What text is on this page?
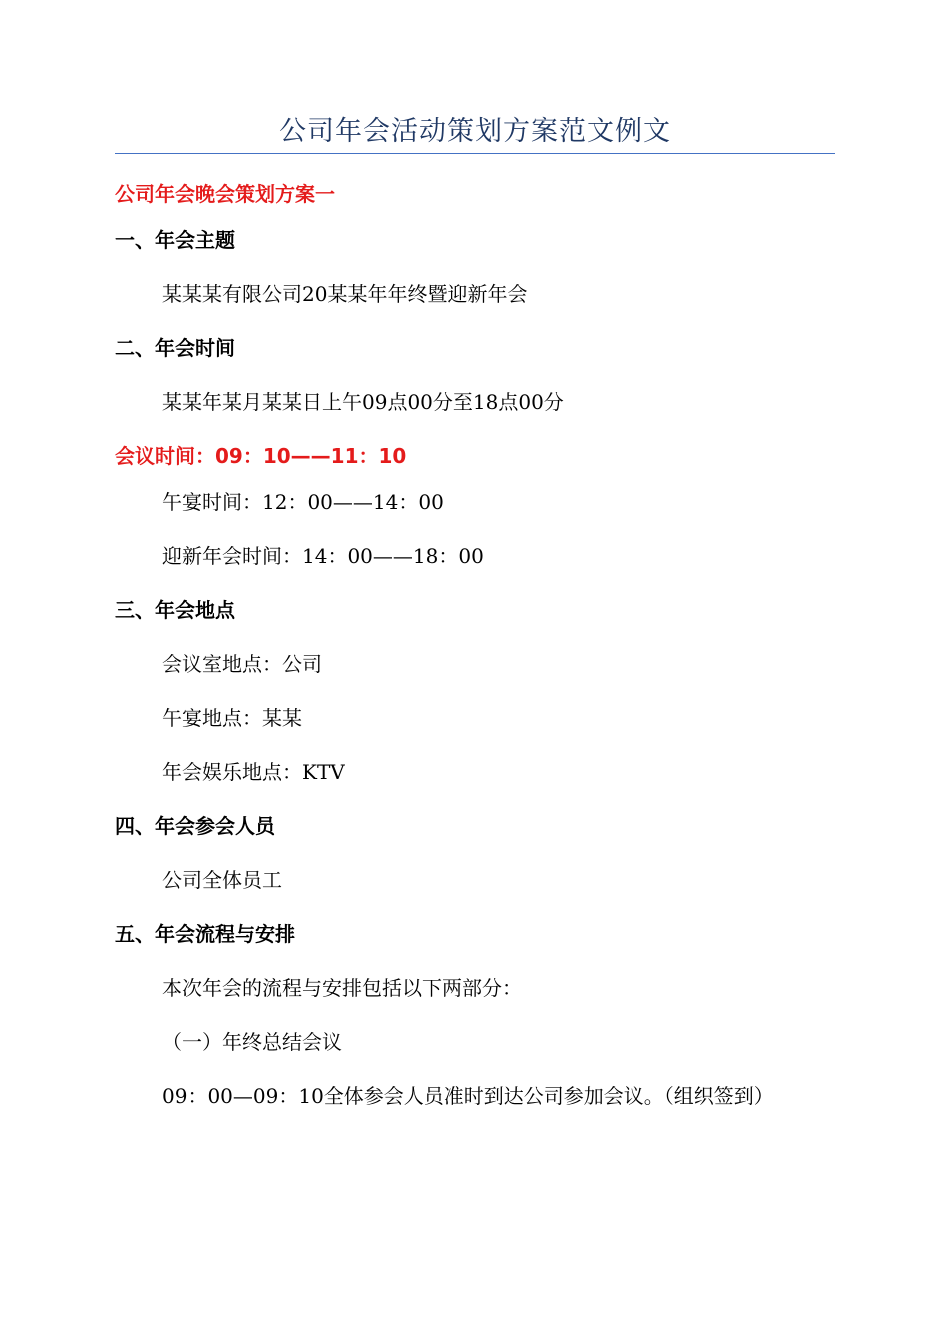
公司年会活动策划方案范文例文
公司年会晚会策划方案一
一、年会主题
某某某有限公司20某某年年终暨迎新年会
二、年会时间
某某年某月某某日上午09点00分至18点00分
会议时间：09：10——11：10
午宴时间：12：00——14：00
迎新年会时间：14：00——18：00
三、年会地点
会议室地点：公司
午宴地点：某某
年会娱乐地点：KTV
四、年会参会人员
公司全体员工
五、年会流程与安排
本次年会的流程与安排包括以下两部分：
（一）年终总结会议
09：00—09：10全体参会人员准时到达公司参加会议。（组织签到）
